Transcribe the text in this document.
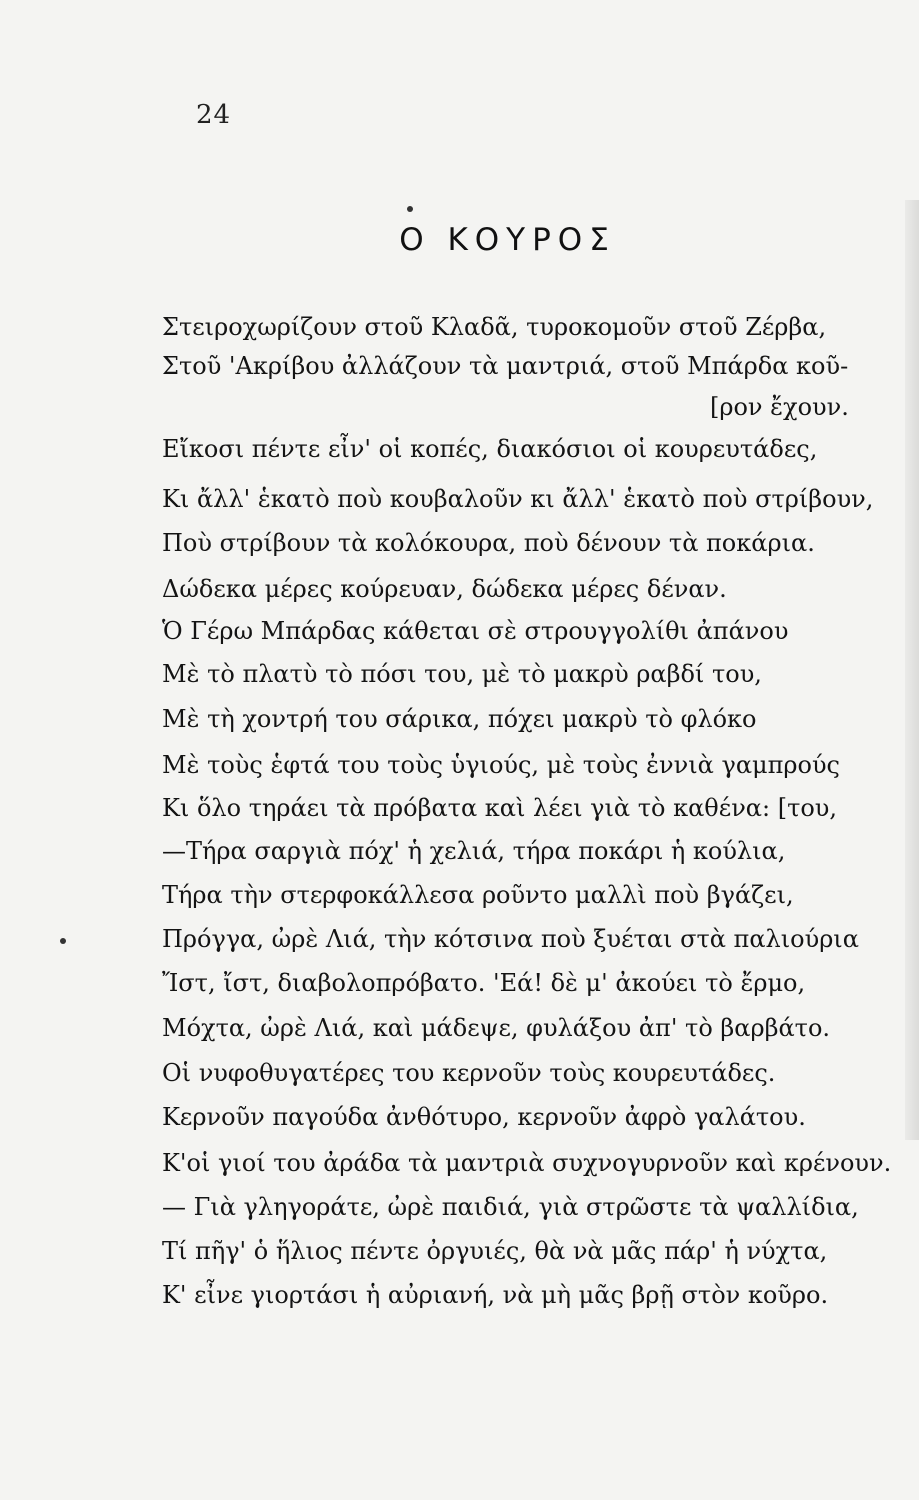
24
Ο ΚΟΥΡΟΣ
Στειροχωρίζουν στοῦ Κλαδᾶ, τυροκομοῦν στοῦ Ζέρβα,
Στοῦ 'Ακρίβου ἀλλάζουν τὰ μαντριά, στοῦ Μπάρδα κοῦ-
[ρον ἔχουν.
Εἴκοσι πέντε εἶν' οἱ κοπές, διακόσιοι οἱ κουρευτάδες,
Κι ἄλλ' ἑκατὸ ποὺ κουβαλοῦν κι ἄλλ' ἑκατὸ ποὺ στρίβουν,
Ποὺ στρίβουν τὰ κολόκουρα, ποὺ δένουν τὰ ποκάρια.
Δώδεκα μέρες κούρευαν, δώδεκα μέρες δέναν.
Ὁ Γέρω Μπάρδας κάθεται σὲ στρουγγολίθι ἀπάνου
Μὲ τὸ πλατὺ τὸ πόσι του, μὲ τὸ μακρὺ ραβδί του,
Μὲ τὴ χοντρή του σάρικα, πόχει μακρὺ τὸ φλόκο
Μὲ τοὺς ἑφτά του τοὺς ὑγιούς, μὲ τοὺς ἐννιὰ γαμπρούς
Κι ὅλο τηράει τὰ πρόβατα καὶ λέει γιὰ τὸ καθένα: [του,
—Τήρα σαργιὰ πόχ' ἡ χελιά, τήρα ποκάρι ἡ κούλια,
Τήρα τὴν στερφοκάλλεσα ροῦντο μαλλὶ ποὺ βγάζει,
Πρόγγα, ὠρὲ Λιά, τὴν κότσινα ποὺ ξυέται στὰ παλιούρια
Ἴστ, ἴστ, διαβολοπρόβατο. 'Εά! δὲ μ' ἀκούει τὸ ἔρμο,
Μόχτα, ὠρὲ Λιά, καὶ μάδεψε, φυλάξου ἀπ' τὸ βαρβάτο.
Οἱ νυφοθυγατέρες του κερνοῦν τοὺς κουρευτάδες.
Κερνοῦν παγούδα ἀνθότυρο, κερνοῦν ἀφρὸ γαλάτου.
Κ'οἱ γιοί του ἀράδα τὰ μαντριὰ συχνογυρνοῦν καὶ κρένουν.
— Γιὰ γληγοράτε, ὠρὲ παιδιά, γιὰ στρῶστε τὰ ψαλλίδια,
Τί πῆγ' ὁ ἥλιος πέντε ὀργυιές, θὰ νὰ μᾶς πάρ' ἡ νύχτα,
Κ' εἶνε γιορτάσι ἡ αὐριανή, νὰ μὴ μᾶς βρῇ στὸν κοῦρο.
